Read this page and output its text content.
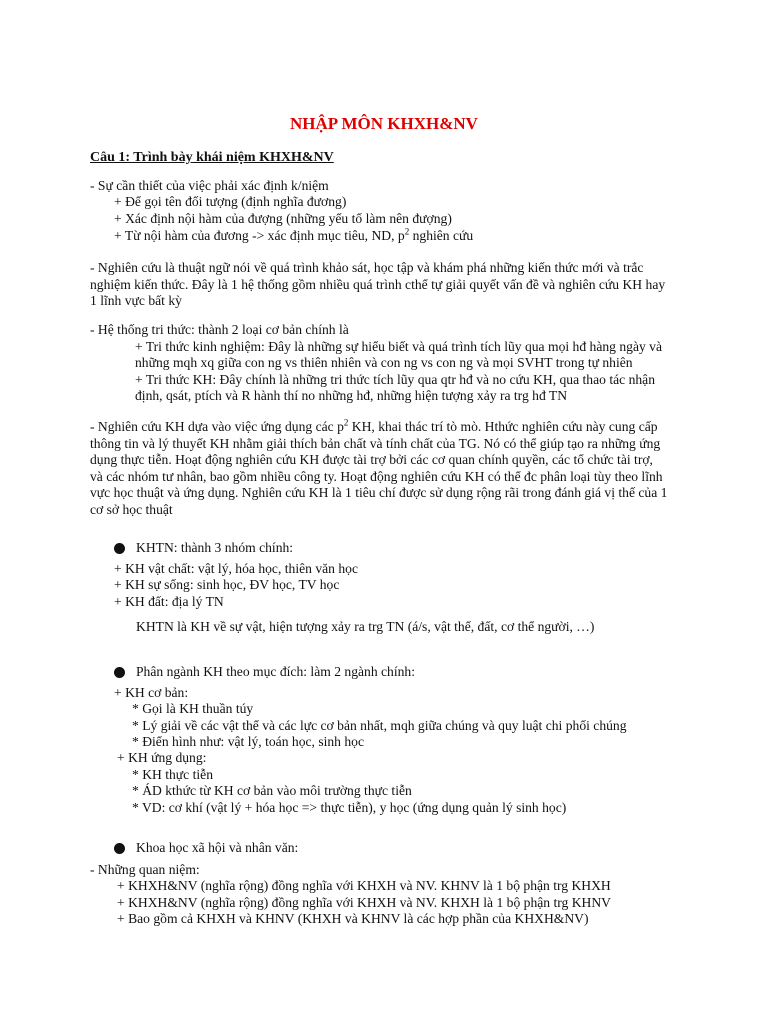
NHẬP MÔN KHXH&NV
Câu 1: Trình bày khái niệm KHXH&NV
- Sự cần thiết của việc phải xác định k/niệm
+ Để gọi tên đối tượng (định nghĩa đương)
+ Xác định nội hàm của đượng (những yếu tố làm nên đượng)
+ Từ nội hàm của đương -> xác định mục tiêu, ND, $p^2$ nghiên cứu
- Nghiên cứu là thuật ngữ nói về quá trình khảo sát, học tập và khám phá những kiến thức mới và trắc
nghiệm kiến thức. Đây là 1 hệ thống gồm nhiều quá trình cthể tự giải quyết vấn đề và nghiên cứu KH hay
1 lĩnh vực bất kỳ
- Hệ thống tri thức: thành 2 loại cơ bản chính là
+ Tri thức kinh nghiệm: Đây là những sự hiểu biết và quá trình tích lũy qua mọi hđ hàng ngày và
những mqh xq giữa con ng vs thiên nhiên và con ng vs con ng và mọi SVHT trong tự nhiên
+ Tri thức KH: Đây chính là những tri thức tích lũy qua qtr hđ và no cứu KH, qua thao tác nhận
định, qsát, ptích và R hành thí no những hđ, những hiện tượng xảy ra trg hđ TN
- Nghiên cứu KH dựa vào việc ứng dụng các $p^2$ KH, khai thác trí tò mò. Hthức nghiên cứu này cung cấp
thông tin và lý thuyết KH nhằm giải thích bản chất và tính chất của TG. Nó có thể giúp tạo ra những ứng
dụng thực tiễn. Hoạt động nghiên cứu KH được tài trợ bởi các cơ quan chính quyền, các tổ chức tài trợ,
và các nhóm tư nhân, bao gồm nhiều công ty. Hoạt động nghiên cứu KH có thể đc phân loại tùy theo lĩnh
vực học thuật và ứng dụng. Nghiên cứu KH là 1 tiêu chí được sử dụng rộng rãi trong đánh giá vị thế của 1
cơ sở học thuật
KHTN: thành 3 nhóm chính:
+ KH vật chất: vật lý, hóa học, thiên văn học
+ KH sự sống: sinh học, ĐV học, TV học
+ KH đất: địa lý TN
KHTN là KH về sự vật, hiện tượng xảy ra trg TN (á/s, vật thể, đất, cơ thể người, …)
Phân ngành KH theo mục đích: làm 2 ngành chính:
+ KH cơ bản:
* Gọi là KH thuần túy
* Lý giải về các vật thể và các lực cơ bản nhất, mqh giữa chúng và quy luật chi phối chúng
* Điển hình như: vật lý, toán học, sinh học
+ KH ứng dụng:
* KH thực tiễn
* ÁD kthức từ KH cơ bản vào môi trường thực tiễn
* VD: cơ khí (vật lý + hóa học => thực tiễn), y học (ứng dụng quản lý sinh học)
Khoa học xã hội và nhân văn:
- Những quan niệm:
+ KHXH&NV (nghĩa rộng) đồng nghĩa với KHXH và NV. KHNV là 1 bộ phận trg KHXH
+ KHXH&NV (nghĩa rộng) đồng nghĩa với KHXH và NV. KHXH là 1 bộ phận trg KHNV
+ Bao gồm cả KHXH và KHNV (KHXH và KHNV là các hợp phần của KHXH&NV)
